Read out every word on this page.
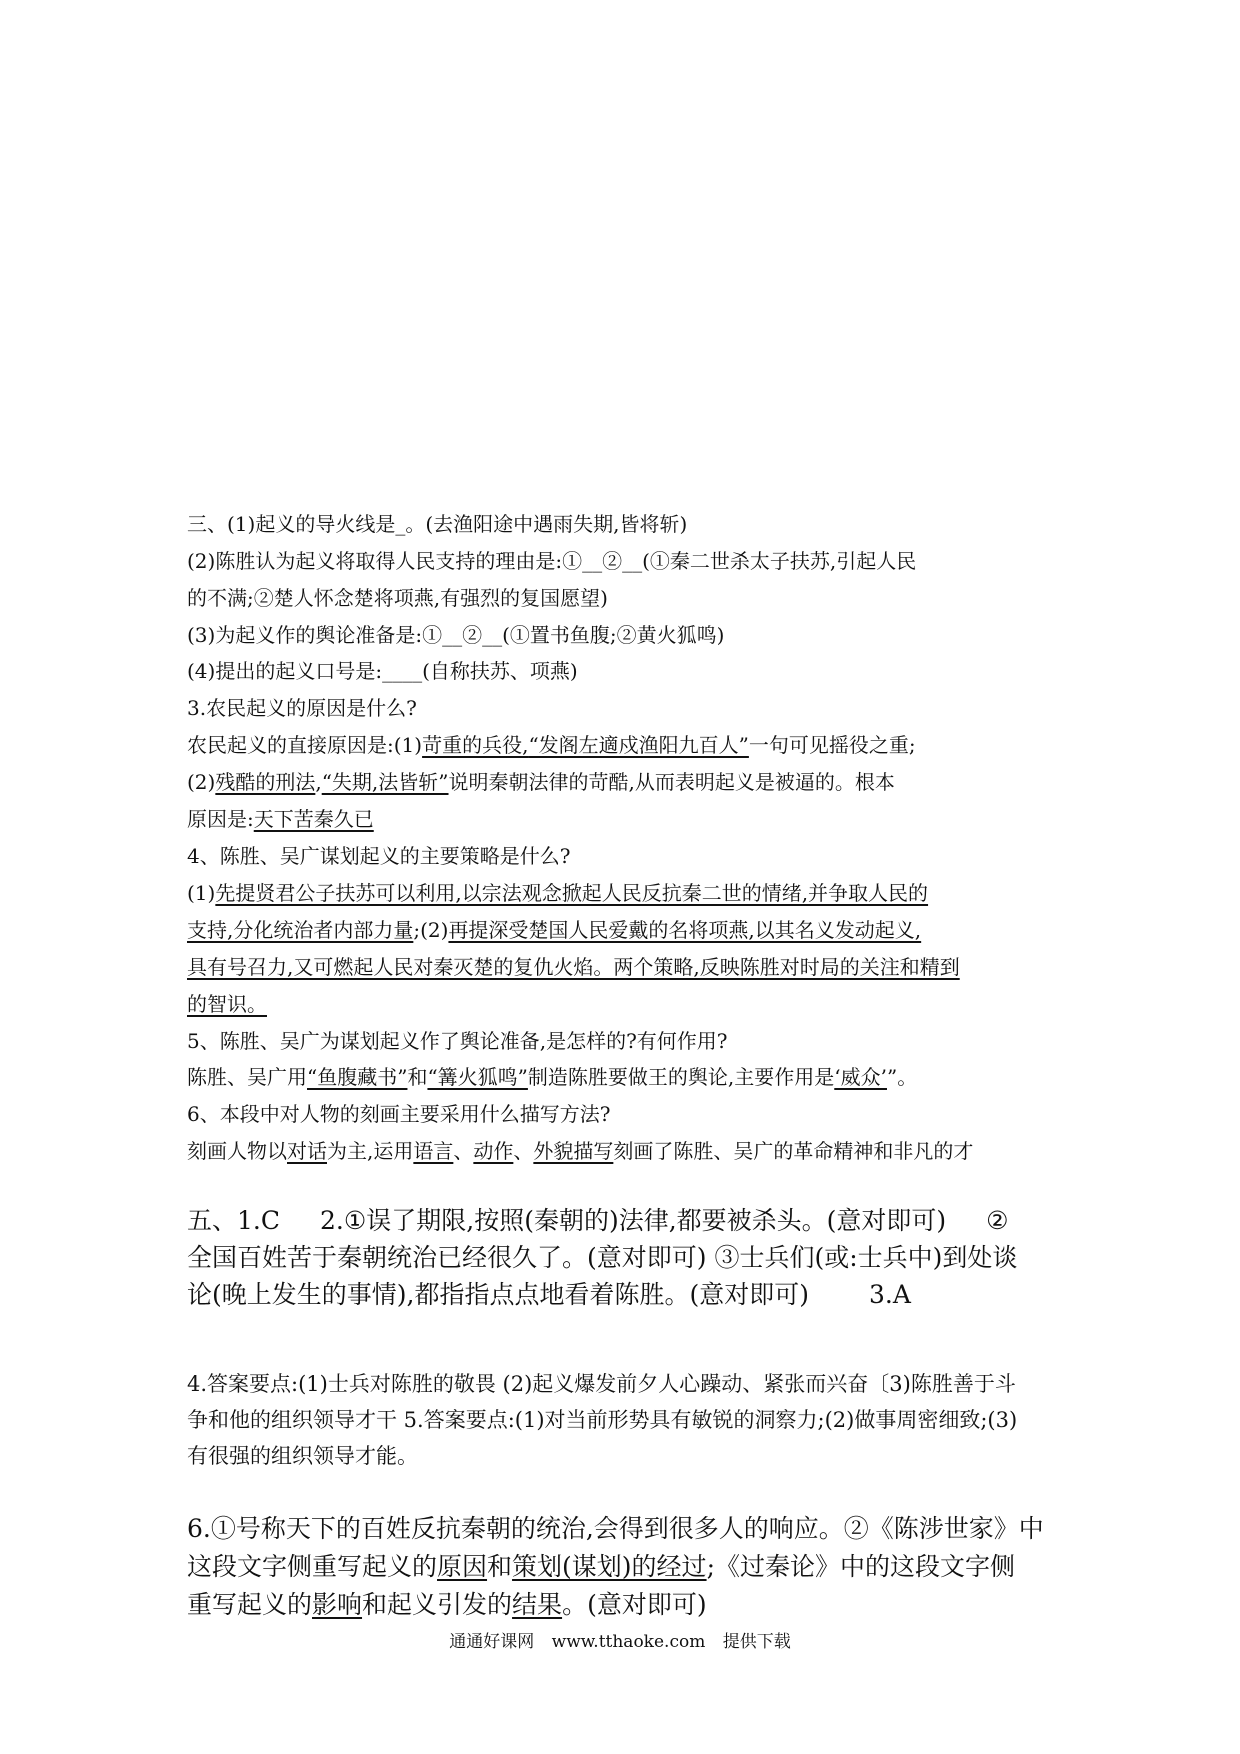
三、(1)起义的导火线是_。(去渔阳途中遇雨失期,皆将斩)

(2)陈胜认为起义将取得人民支持的理由是:①__②__(①秦二世杀太子扶苏,引起人民

的不满;②楚人怀念楚将项燕,有强烈的复国愿望)

(3)为起义作的舆论准备是:①__②__(①置书鱼腹;②黄火狐鸣)

(4)提出的起义口号是:____(自称扶苏、项燕)

3.农民起义的原因是什么?

农民起义的直接原因是:(1)苛重的兵役,“发阁左適戍渔阳九百人”一句可见摇役之重;

(2)残酷的刑法,“失期,法皆斩”说明秦朝法律的苛酷,从而表明起义是被逼的。根本

原因是:天下苦秦久已

4、陈胜、吴广谋划起义的主要策略是什么?

(1)先提贤君公子扶苏可以利用,以宗法观念掀起人民反抗秦二世的情绪,并争取人民的

支持,分化统治者内部力量;(2)再提深受楚国人民爱戴的名将项燕,以其名义发动起义,

具有号召力,又可燃起人民对秦灭楚的复仇火焰。两个策略,反映陈胜对时局的关注和精到

的智识。

5、陈胜、吴广为谋划起义作了舆论准备,是怎样的?有何作用?

陈胜、吴广用“鱼腹藏书”和“篝火狐鸣”制造陈胜要做王的舆论,主要作用是‘威众’”。

6、本段中对人物的刻画主要采用什么描写方法?

刻画人物以对话为主,运用语言、动作、外貌描写刻画了陈胜、吴广的革命精神和非凡的才

五、1.C 2.①误了期限,按照(秦朝的)法律,都要被杀头。(意对即可) ②

全国百姓苦于秦朝统治已经很久了。(意对即可) ③士兵们(或:士兵中)到处谈

论(晚上发生的事情),都指指点点地看着陈胜。(意对即可) 3.A

4.答案要点:(1)士兵对陈胜的敬畏 (2)起义爆发前夕人心躁动、紧张而兴奋〔3)陈胜善于斗

争和他的组织领导才干 5.答案要点:(1)对当前形势具有敏锐的洞察力;(2)做事周密细致;(3)

有很强的组织领导才能。

6.①号称天下的百姓反抗秦朝的统治,会得到很多人的响应。②《陈涉世家》中

这段文字侧重写起义的原因和策划(谋划)的经过;《过秦论》中的这段文字侧

重写起义的影响和起义引发的结果。(意对即可)

通通好课网 www.tthaoke.com 提供下载
